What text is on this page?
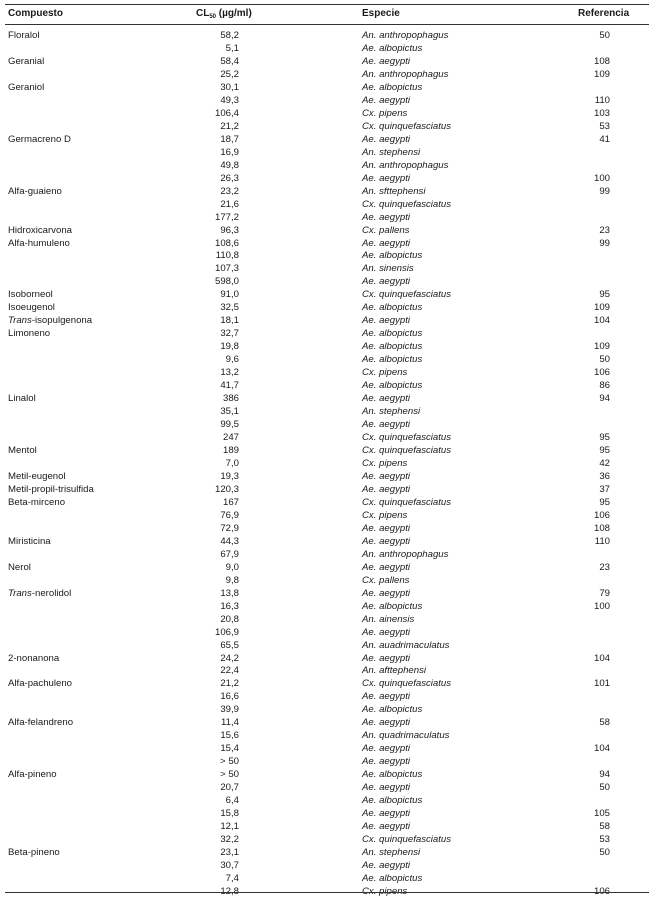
Compuesto	$CL_{50}$ (µg/ml)	Especie	Referencia
Floralol	58,2	An. anthropophagus	50
5,1	Ae. albopictus
Geranial	58,4	Ae. aegypti	108
25,2	An. anthropophagus	109
Geraniol	30,1	Ae. albopictus
49,3	Ae. aegypti	110
106,4	Cx. pipens	103
21,2	Cx. quinquefasciatus	53
Germacreno D	18,7	Ae. aegypti	41
16,9	An. stephensi
49,8	An. anthropophagus
26,3	Ae. aegypti	100
Alfa-guaieno	23,2	An. sfttephensi	99
21,6	Cx. quinquefasciatus
177,2	Ae. aegypti
Hidroxicarvona	96,3	Cx. pallens	23
Alfa-humuleno	108,6	Ae. aegypti	99
110,8	Ae. albopictus
107,3	An. sinensis
598,0	Ae. aegypti
Isoborneol	91,0	Cx. quinquefasciatus	95
Isoeugenol	32,5	Ae. albopictus	109
Trans-isopulgenona	18,1	Ae. aegypti	104
Limoneno	32,7	Ae. albopictus
19,8	Ae. albopictus	109
9,6	Ae. albopictus	50
13,2	Cx. pipens	106
41,7	Ae. albopictus	86
Linalol	386	Ae. aegypti	94
35,1	An. stephensi
99,5	Ae. aegypti
247	Cx. quinquefasciatus	95
Mentol	189	Cx. quinquefasciatus	95
7,0	Cx. pipens	42
Metil-eugenol	19,3	Ae. aegypti	36
Metil-propil-trisulfida	120,3	Ae. aegypti	37
Beta-mirceno	167	Cx. quinquefasciatus	95
76,9	Cx. pipens	106
72,9	Ae. aegypti	108
Miristicina	44,3	Ae. aegypti	110
67,9	An. anthropophagus
Nerol	9,0	Ae. aegypti	23
9,8	Cx. pallens
Trans-nerolidol	13,8	Ae. aegypti	79
16,3	Ae. albopictus	100
20,8	An. ainensis
106,9	Ae. aegypti
65,5	An. auadrimaculatus
2-nonanona	24,2	Ae. aegypti	104
22,4	An. afttephensi
Alfa-pachuleno	21,2	Cx. quinquefasciatus	101
16,6	Ae. aegypti
39,9	Ae. albopictus
Alfa-felandreno	11,4	Ae. aegypti	58
15,6	An. quadrimaculatus
15,4	Ae. aegypti	104
> 50	Ae. aegypti
Alfa-pineno	> 50	Ae. albopictus	94
20,7	Ae. aegypti	50
6,4	Ae. albopictus
15,8	Ae. aegypti	105
12,1	Ae. aegypti	58
32,2	Cx. quinquefasciatus	53
Beta-pineno	23,1	An. stephensi	50
30,7	Ae. aegypti
7,4	Ae. albopictus
12,8	Cx. pipens	106
